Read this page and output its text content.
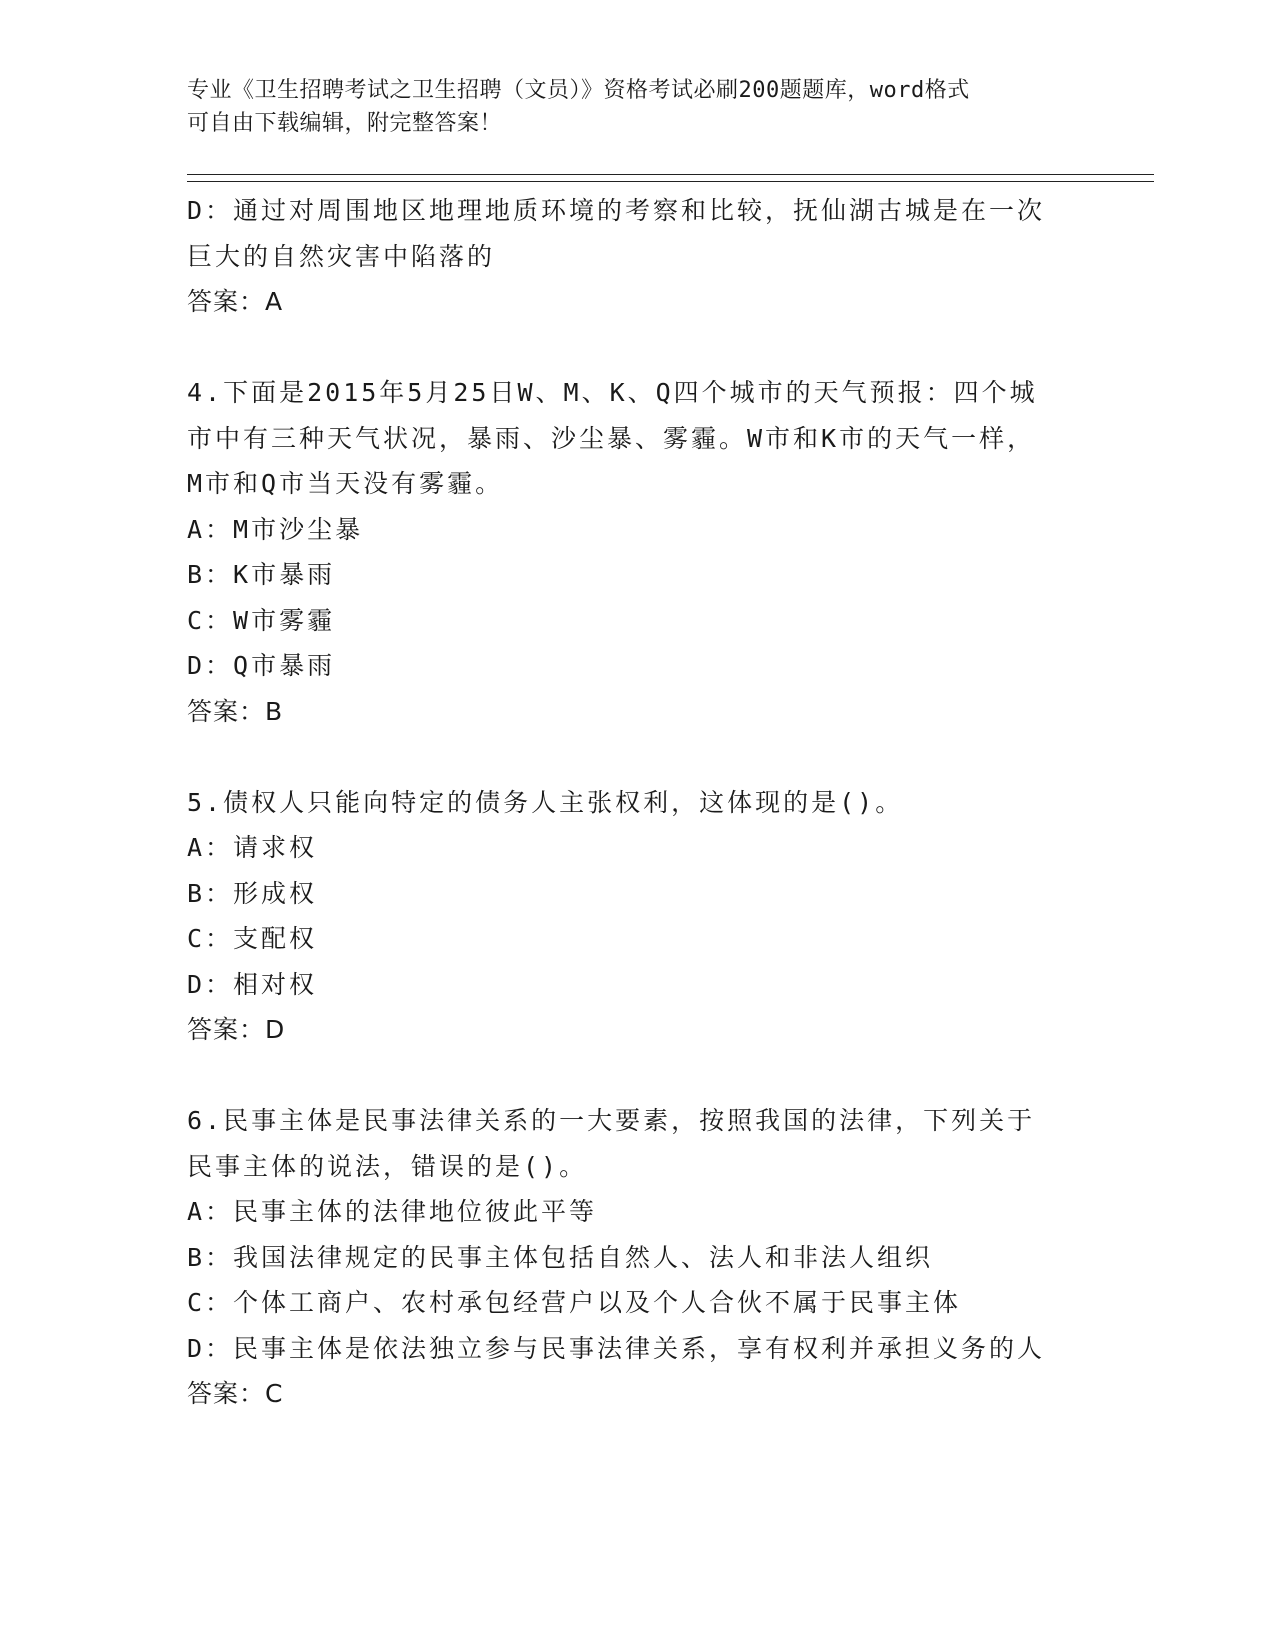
专业《卫生招聘考试之卫生招聘（文员）》资格考试必刷200题题库，word格式
可自由下载编辑，附完整答案！
D：通过对周围地区地理地质环境的考察和比较，抚仙湖古城是在一次
巨大的自然灾害中陷落的
答案：A
4.下面是2015年5月25日W、M、K、Q四个城市的天气预报：四个城
市中有三种天气状况，暴雨、沙尘暴、雾霾。W市和K市的天气一样，
M市和Q市当天没有雾霾。
A：M市沙尘暴
B：K市暴雨
C：W市雾霾
D：Q市暴雨
答案：B
5.债权人只能向特定的债务人主张权利，这体现的是()。
A：请求权
B：形成权
C：支配权
D：相对权
答案：D
6.民事主体是民事法律关系的一大要素，按照我国的法律，下列关于
民事主体的说法，错误的是()。
A：民事主体的法律地位彼此平等
B：我国法律规定的民事主体包括自然人、法人和非法人组织
C：个体工商户、农村承包经营户以及个人合伙不属于民事主体
D：民事主体是依法独立参与民事法律关系，享有权利并承担义务的人
答案：C
